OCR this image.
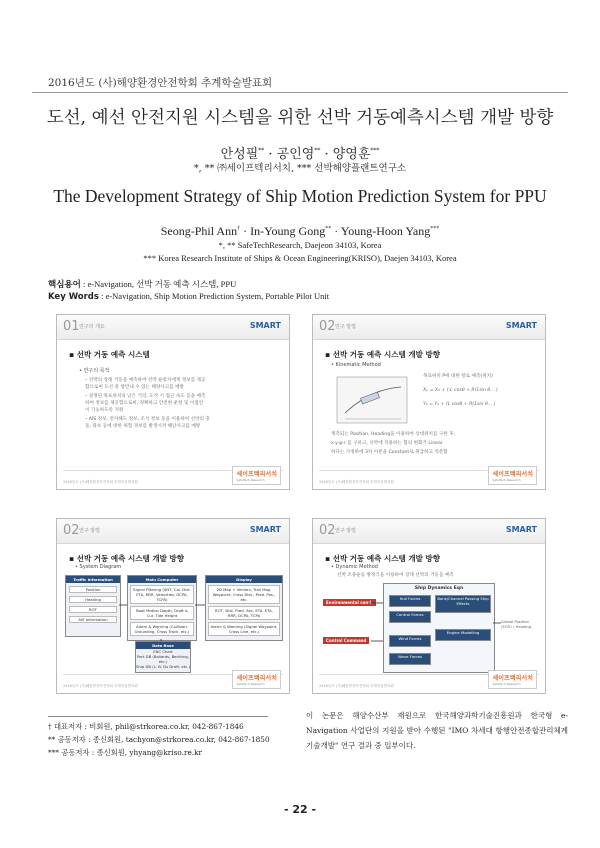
2016년도 (사)해양환경안전학회 추계학술발표회
도선, 예선 안전지원 시스템을 위한 선박 거동예측시스템 개발 방향
안성필** · 공인영** · 양영훈***
*, ** ㈜세이프텍리서치, *** 선박해양플랜트연구소
The Development Strategy of Ship Motion Prediction System for PPU
Seong-Phil Ann† · In-Young Gong** · Young-Hoon Yang***
*, ** SafeTechResearch, Daejeon 34103, Korea
*** Korea Research Institute of Ships & Ocean Engineering(KRISO), Daejen 34103, Korea
핵심용어 : e-Navigation, 선박 거동 예측 시스템, PPU
Key Words : e-Navigation, Ship Motion Prediction System, Portable Pilot Unit
01 연구의 개요	SMART
▪ 선박 거동 예측 시스템
• 연구의 목적
– 선박의 장래 거동을 예측하여 선박 운항자에게 정보를 제공
함으로써 도선 중 항만내 수 있는 해양사고를 예방
– 설정된 목표위치의 남은 거리, 도착 시 접근 속도 등을 예측
하여 정보를 제공함으로써, 정확하고 안전한 운항 및 이접안
이 가능하도록 지원
– AIS 정보, 전자해도 정보, 조석 정보 등을 이용하여 선박의 충
돌, 좌초 등에 대한 위험 경보를 발생시켜 해난사고를 예방
2016년도 (사)해양환경안전학회 추계학술발표회
세이프텍리서치
SafeTech Research
02 연구 방법	SMART
▪ 선박 거동 예측 시스템 개발 방향
• Kinematic Method
목표위치 P에 대한 항로 예측(위치)
Xₚ = X₀ + (-L cosθ + R(1sin θ... )
Yₚ = Y₀ + (L cosθ + R(1sin θ... )
계측되는 Position, Heading을 이용하여 상대위치를 구한 후,
x·y·ψ·r 를 구하고, 선박에 작용하는 힘의 변화가 Linear
하다는 가정하에 3차 이론을 Constant로 취급하고 적분함
2016년도 (사)해양환경안전학회 추계학술발표회
세이프텍리서치
SafeTech Research
02 연구 방법	SMART
▪ 선박 거동 예측 시스템 개발 방향
• System Diagram
Traffic Information
Position
Heading
ROT
AIS Information
Main Computer
Signal Filtering (SNT, Cal. Dist. ETA, RRR, Velocities, DCPA, TCPA)
Boat Motion Depth, Draft & Cur. Tide Height
Alarm & Warning (Collision, Grounding, Cross Track, etc.)
Display
2D Map + Vectors, Trail Map, Waypoint, Cross Dist., Pred. Pos., etc.
ROT, Dist. Pred. Sec, ETA, ETA, RRR, DCPA, TCPA
Alarm & Warning (Signal Waypoint, Cross Line, etc.)
Data Base
ENC Chart
Port DB (Bollards, Berthing, etc.)
Ship DB (L, B, Ds Draft, etc.)
2016년도 (사)해양환경안전학회 추계학술발표회
세이프텍리서치
SafeTech Research
02 연구 방법	SMART
▪ 선박 거동 예측 시스템 개발 방향
• Dynamic Method
선박 조종운동 방정식을 이용하여 장래 선박의 거동을 예측
Ship Dynamics Eqn
Environmental cond.
Control Command
Hull Forces
Control Forces
Wind Forces
Wave Forces
Bank/Channel Passing Ship Effects
Engine Modelling
Global Position (EOS) / Heading
2016년도 (사)해양환경안전학회 추계학술발표회
세이프텍리서치
SafeTech Research
† 대표저자 : 비회원, phil@strkorea.co.kr, 042-867-1846
** 공동저자 : 종신회원, tachyon@strkorea.co.kr, 042-867-1850
*** 공동저자 : 종신회원, yhyang@kriso.re.kr
이 논문은 해양수산부 재원으로 한국해양과학기술진흥원과 한국형 e-Navigation 사업단의 지원을 받아 수행된 "IMO 차세대 항행안전종합관리체계 기술개발" 연구 결과 중 일부이다.
- 22 -
